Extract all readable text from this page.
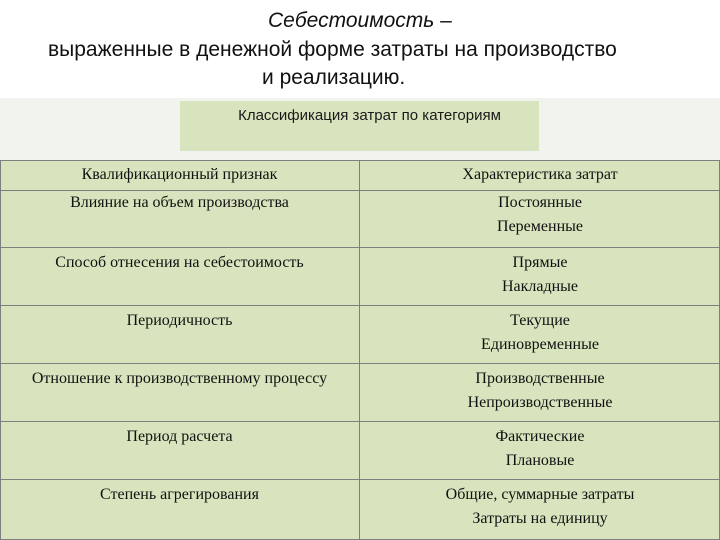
Себестоимость –
выраженные в денежной форме затраты на производство
и реализацию.
Классификация затрат по категориям
Квалификационный признак	Характеристика затрат
Влияние на объем производства	Постоянные
Переменные
Способ отнесения на себестоимость	Прямые
Накладные
Периодичность	Текущие
Единовременные
Отношение к производственному процессу	Производственные
Непроизводственные
Период расчета	Фактические
Плановые
Степень агрегирования	Общие, суммарные затраты
Затраты на единицу
